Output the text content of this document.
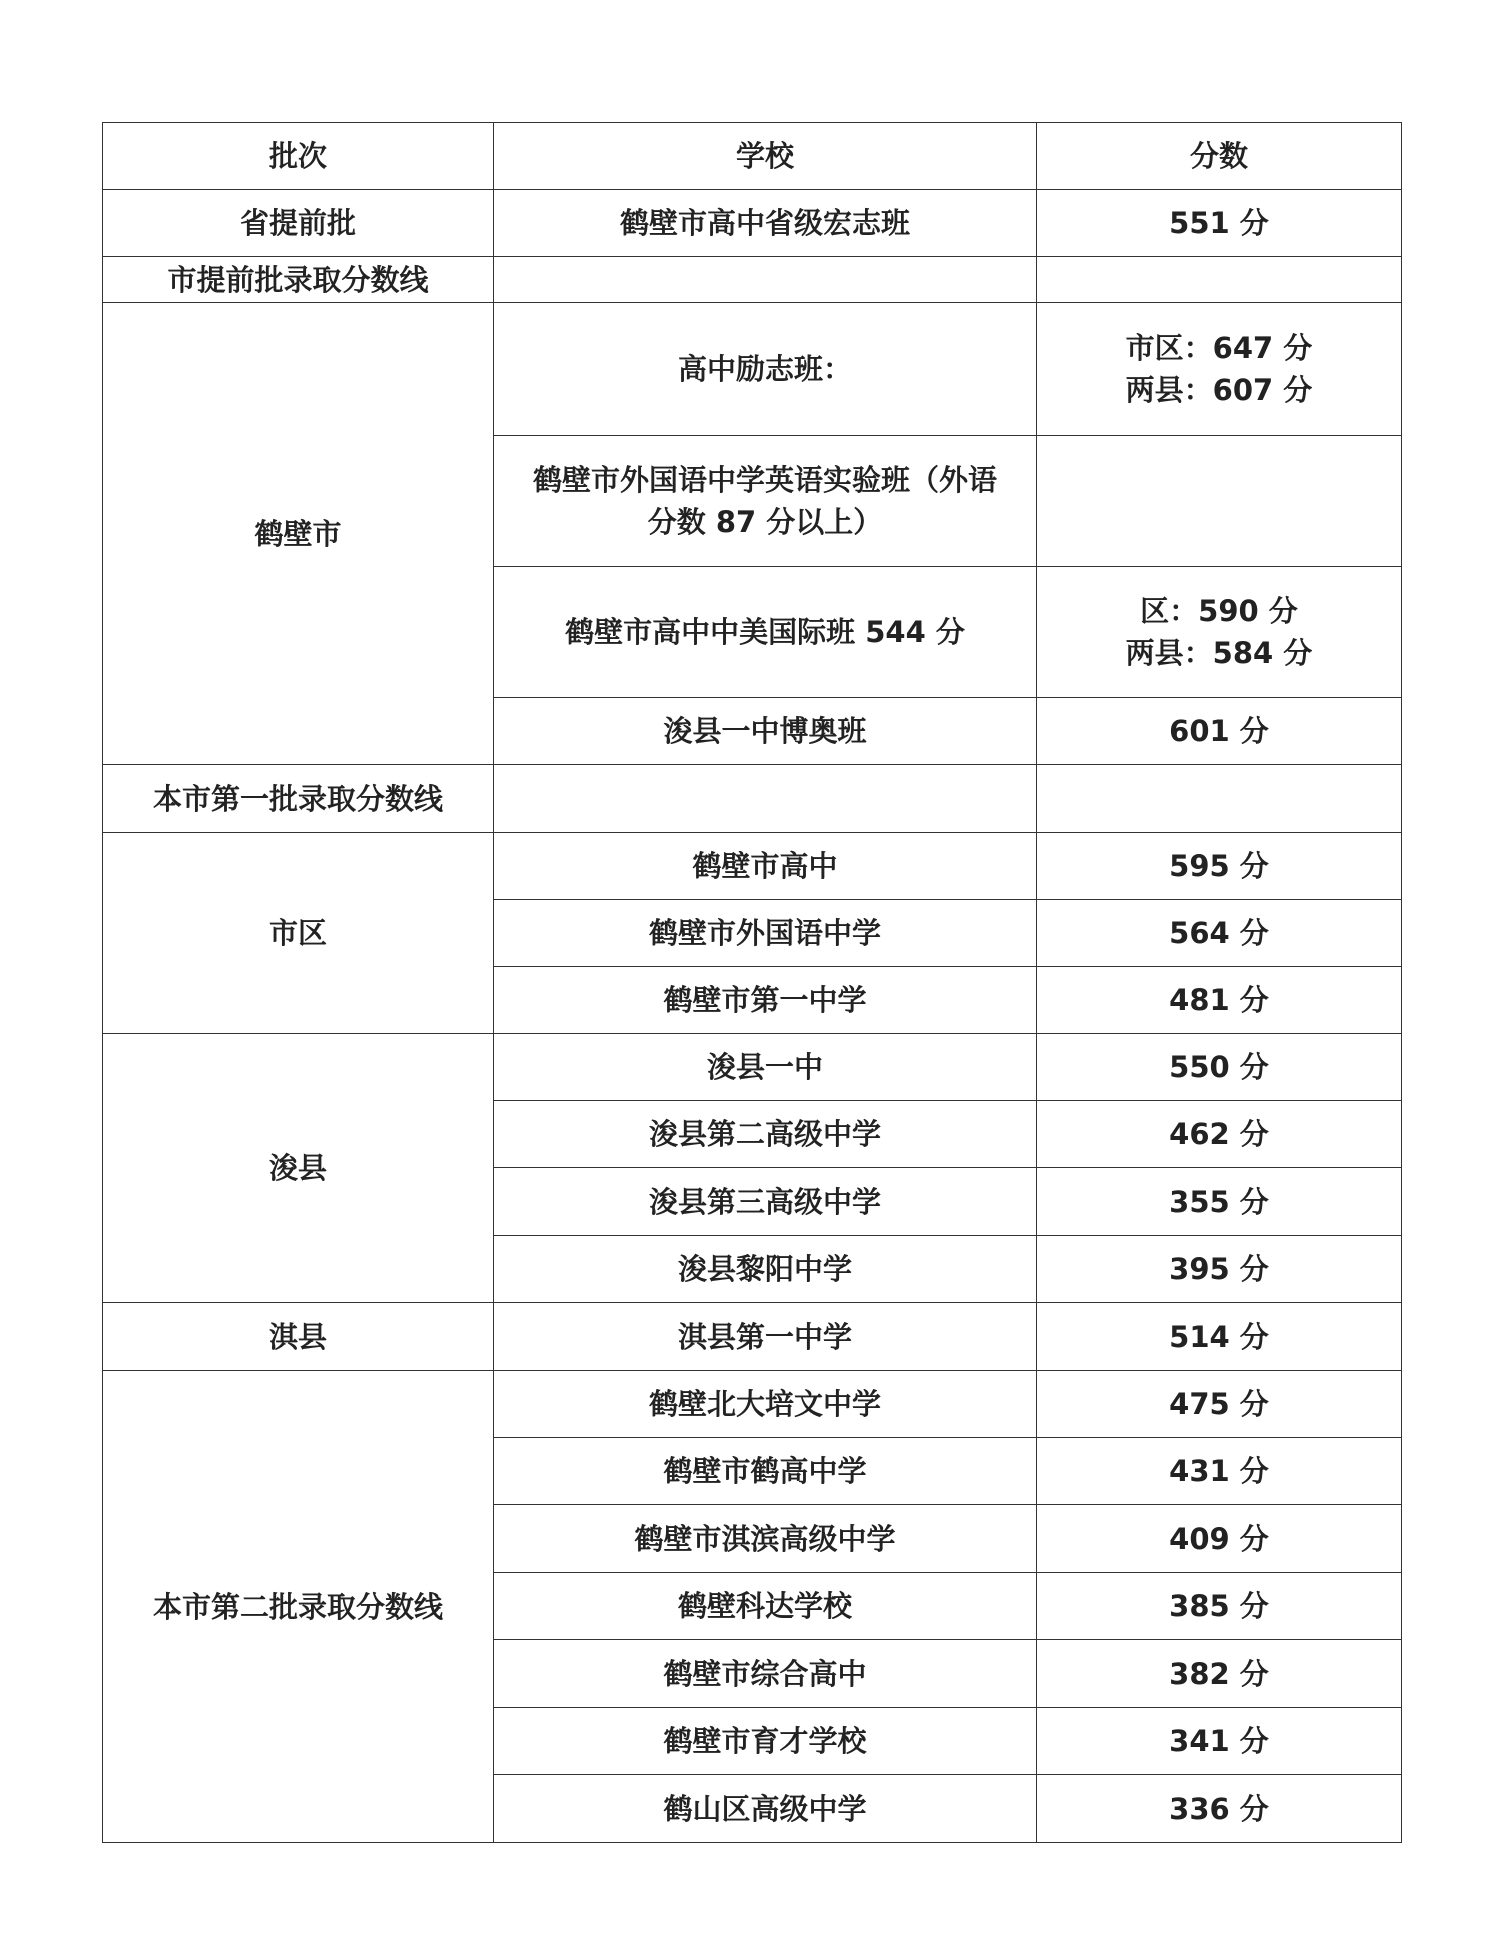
批次	学校	分数
省提前批	鹤壁市高中省级宏志班	551 分
市提前批录取分数线		
鹤壁市	高中励志班：	市区：647 分
两县：607 分

	鹤壁市外国语中学英语实验班（外语
分数 87 分以上）	

	鹤壁市高中中美国际班 544 分	区：590 分
两县：584 分

	浚县一中博奥班	601 分
本市第一批录取分数线		
市区	鹤壁市高中	595 分
	鹤壁市外国语中学	564 分
	鹤壁市第一中学	481 分
浚县	浚县一中	550 分
	浚县第二高级中学	462 分
	浚县第三高级中学	355 分
	浚县黎阳中学	395 分
淇县	淇县第一中学	514 分
本市第二批录取分数线	鹤壁北大培文中学	475 分
	鹤壁市鹤高中学	431 分
	鹤壁市淇滨高级中学	409 分
	鹤壁科达学校	385 分
	鹤壁市综合高中	382 分
	鹤壁市育才学校	341 分
	鹤山区高级中学	336 分
